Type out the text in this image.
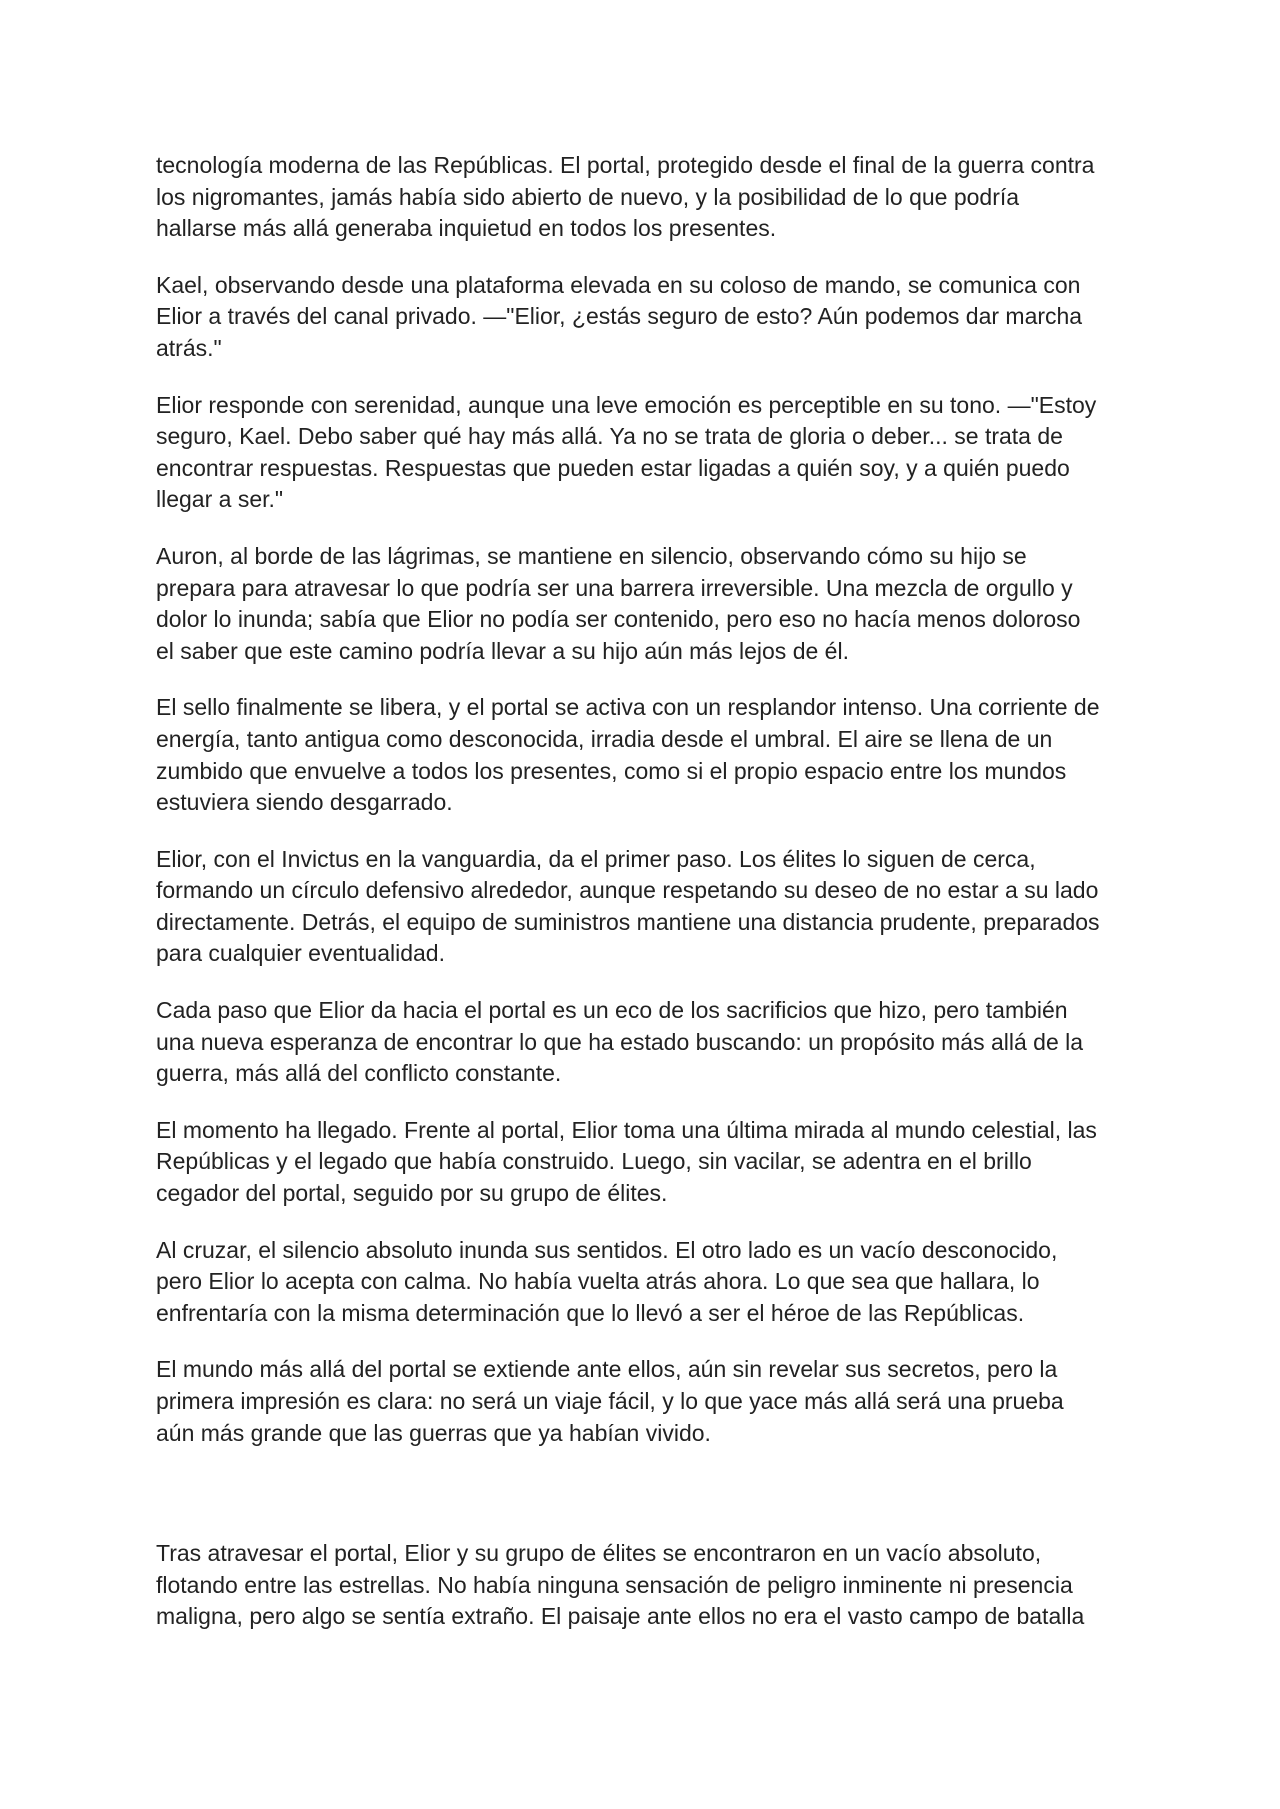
tecnología moderna de las Repúblicas. El portal, protegido desde el final de la guerra contra
los nigromantes, jamás había sido abierto de nuevo, y la posibilidad de lo que podría
hallarse más allá generaba inquietud en todos los presentes.

Kael, observando desde una plataforma elevada en su coloso de mando, se comunica con
Elior a través del canal privado. —"Elior, ¿estás seguro de esto? Aún podemos dar marcha
atrás."

Elior responde con serenidad, aunque una leve emoción es perceptible en su tono. —"Estoy
seguro, Kael. Debo saber qué hay más allá. Ya no se trata de gloria o deber... se trata de
encontrar respuestas. Respuestas que pueden estar ligadas a quién soy, y a quién puedo
llegar a ser."

Auron, al borde de las lágrimas, se mantiene en silencio, observando cómo su hijo se
prepara para atravesar lo que podría ser una barrera irreversible. Una mezcla de orgullo y
dolor lo inunda; sabía que Elior no podía ser contenido, pero eso no hacía menos doloroso
el saber que este camino podría llevar a su hijo aún más lejos de él.

El sello finalmente se libera, y el portal se activa con un resplandor intenso. Una corriente de
energía, tanto antigua como desconocida, irradia desde el umbral. El aire se llena de un
zumbido que envuelve a todos los presentes, como si el propio espacio entre los mundos
estuviera siendo desgarrado.

Elior, con el Invictus en la vanguardia, da el primer paso. Los élites lo siguen de cerca,
formando un círculo defensivo alrededor, aunque respetando su deseo de no estar a su lado
directamente. Detrás, el equipo de suministros mantiene una distancia prudente, preparados
para cualquier eventualidad.

Cada paso que Elior da hacia el portal es un eco de los sacrificios que hizo, pero también
una nueva esperanza de encontrar lo que ha estado buscando: un propósito más allá de la
guerra, más allá del conflicto constante.

El momento ha llegado. Frente al portal, Elior toma una última mirada al mundo celestial, las
Repúblicas y el legado que había construido. Luego, sin vacilar, se adentra en el brillo
cegador del portal, seguido por su grupo de élites.

Al cruzar, el silencio absoluto inunda sus sentidos. El otro lado es un vacío desconocido,
pero Elior lo acepta con calma. No había vuelta atrás ahora. Lo que sea que hallara, lo
enfrentaría con la misma determinación que lo llevó a ser el héroe de las Repúblicas.

El mundo más allá del portal se extiende ante ellos, aún sin revelar sus secretos, pero la
primera impresión es clara: no será un viaje fácil, y lo que yace más allá será una prueba
aún más grande que las guerras que ya habían vivido.

Tras atravesar el portal, Elior y su grupo de élites se encontraron en un vacío absoluto,
flotando entre las estrellas. No había ninguna sensación de peligro inminente ni presencia
maligna, pero algo se sentía extraño. El paisaje ante ellos no era el vasto campo de batalla
